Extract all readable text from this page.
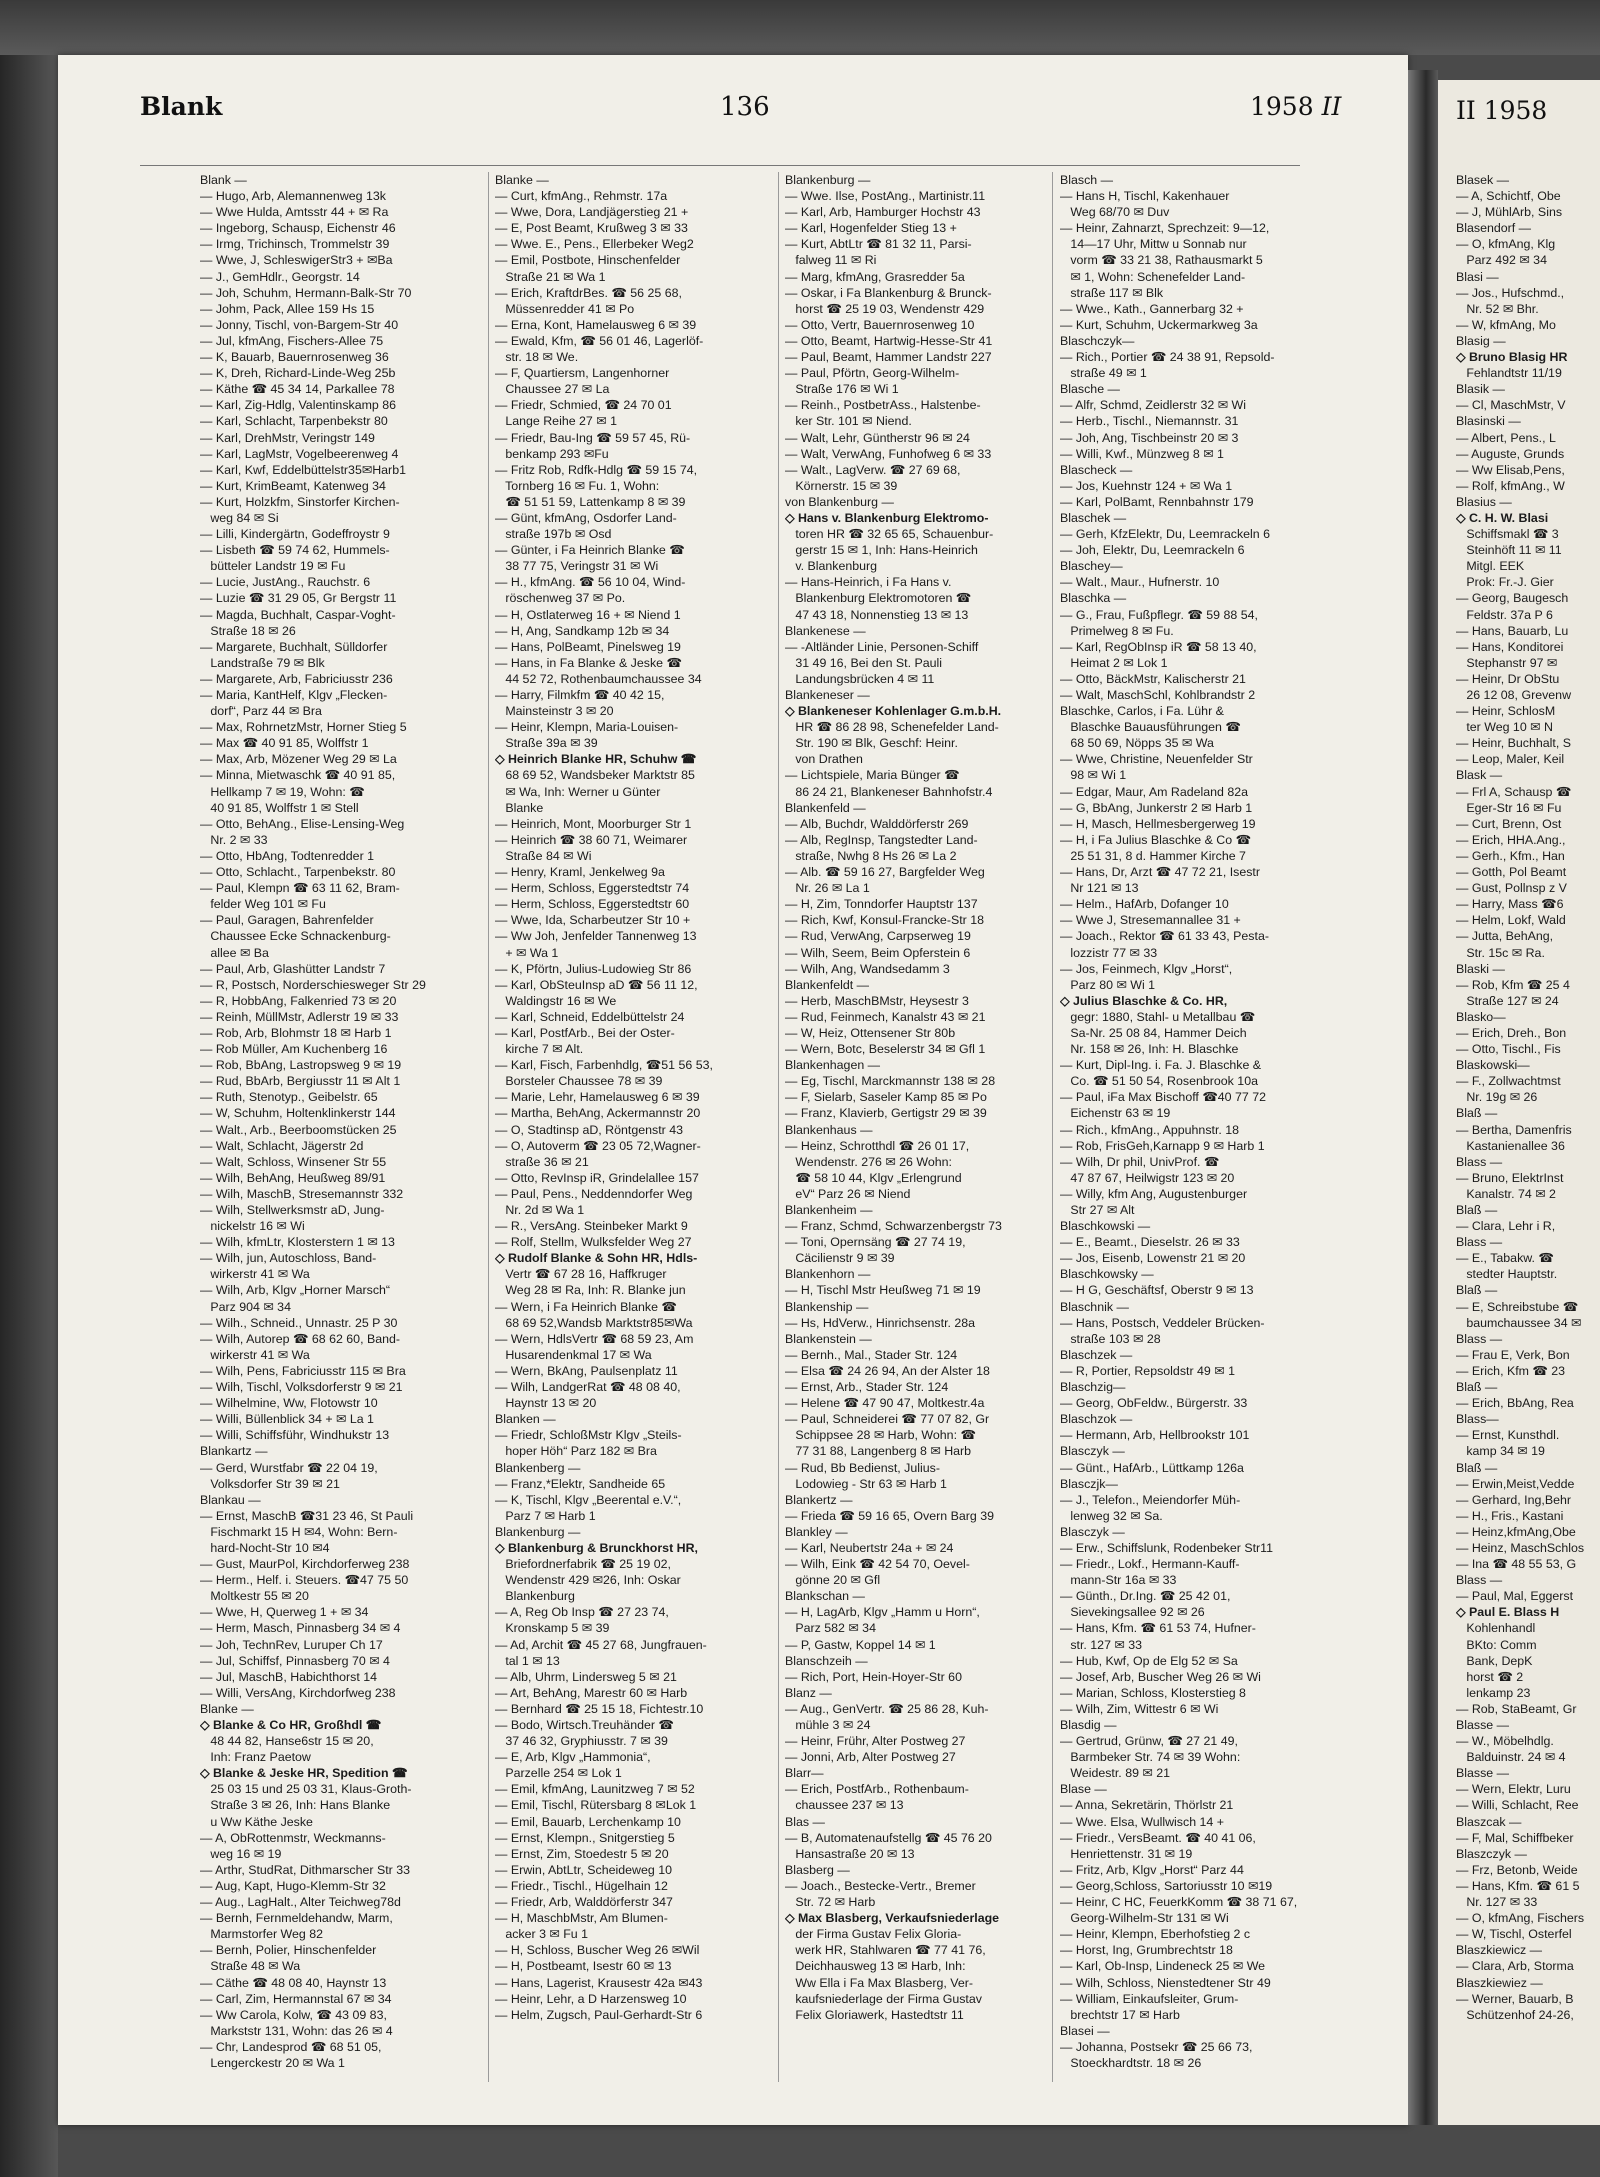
Blank	136	1958 II
Blank —
— Hugo, Arb, Alemannenweg 13k
— Wwe Hulda, Amtsstr 44 + ✉ Ra
— Ingeborg, Schausp, Eichenstr 46
— Irmg, Trichinsch, Trommelstr 39
— Wwe, J, SchleswigerStr3 + ✉Ba
— J., GemHdlr., Georgstr. 14
— Joh, Schuhm, Hermann-Balk-Str 70
— Johm, Pack, Allee 159 Hs 15
— Jonny, Tischl, von-Bargem-Str 40
— Jul, kfmAng, Fischers-Allee 75
— K, Bauarb, Bauernrosenweg 36
— K, Dreh, Richard-Linde-Weg 25b
— Käthe ☎ 45 34 14, Parkallee 78
— Karl, Zig-Hdlg, Valentinskamp 86
— Karl, Schlacht, Tarpenbekstr 80
— Karl, DrehMstr, Veringstr 149
— Karl, LagMstr, Vogelbeerenweg 4
— Karl, Kwf, Eddelbüttelstr35✉Harb1
— Kurt, KrimBeamt, Katenweg 34
— Kurt, Holzkfm, Sinstorfer Kirchen-
weg 84 ✉ Si
— Lilli, Kindergärtn, Godeffroystr 9
— Lisbeth ☎ 59 74 62, Hummels-
bütteler Landstr 19 ✉ Fu
— Lucie, JustAng., Rauchstr. 6
— Luzie ☎ 31 29 05, Gr Bergstr 11
— Magda, Buchhalt, Caspar-Voght-
Straße 18 ✉ 26
— Margarete, Buchhalt, Sülldorfer
Landstraße 79 ✉ Blk
— Margarete, Arb, Fabriciusstr 236
— Maria, KantHelf, Klgv „Flecken-
dorf“, Parz 44 ✉ Bra
— Max, RohrnetzMstr, Horner Stieg 5
— Max ☎ 40 91 85, Wolffstr 1
— Max, Arb, Mözener Weg 29 ✉ La
— Minna, Mietwaschk ☎ 40 91 85,
Hellkamp 7 ✉ 19, Wohn: ☎
40 91 85, Wolffstr 1 ✉ Stell
— Otto, BehAng., Elise-Lensing-Weg
Nr. 2 ✉ 33
— Otto, HbAng, Todtenredder 1
— Otto, Schlacht., Tarpenbekstr. 80
— Paul, Klempn ☎ 63 11 62, Bram-
felder Weg 101 ✉ Fu
— Paul, Garagen, Bahrenfelder
Chaussee Ecke Schnackenburg-
allee ✉ Ba
— Paul, Arb, Glashütter Landstr 7
— R, Postsch, Norderschiesweger Str 29
— R, HobbAng, Falkenried 73 ✉ 20
— Reinh, MüllMstr, Adlerstr 19 ✉ 33
— Rob, Arb, Blohmstr 18 ✉ Harb 1
— Rob Müller, Am Kuchenberg 16
— Rob, BbAng, Lastropsweg 9 ✉ 19
— Rud, BbArb, Bergiusstr 11 ✉ Alt 1
— Ruth, Stenotyp., Geibelstr. 65
— W, Schuhm, Holtenklinkerstr 144
— Walt., Arb., Beerboomstücken 25
— Walt, Schlacht, Jägerstr 2d
— Walt, Schloss, Winsener Str 55
— Wilh, BehAng, Heußweg 89/91
— Wilh, MaschB, Stresemannstr 332
— Wilh, Stellwerksmstr aD, Jung-
nickelstr 16 ✉ Wi
— Wilh, kfmLtr, Klosterstern 1 ✉ 13
— Wilh, jun, Autoschloss, Band-
wirkerstr 41 ✉ Wa
— Wilh, Arb, Klgv „Horner Marsch“
Parz 904 ✉ 34
— Wilh., Schneid., Unnastr. 25 P 30
— Wilh, Autorep ☎ 68 62 60, Band-
wirkerstr 41 ✉ Wa
— Wilh, Pens, Fabriciusstr 115 ✉ Bra
— Wilh, Tischl, Volksdorferstr 9 ✉ 21
— Wilhelmine, Ww, Flotowstr 10
— Willi, Büllenblick 34 + ✉ La 1
— Willi, Schiffsführ, Windhukstr 13
Blankartz —
— Gerd, Wurstfabr ☎ 22 04 19,
Volksdorfer Str 39 ✉ 21
Blankau —
— Ernst, MaschB ☎31 23 46, St Pauli
Fischmarkt 15 H ✉4, Wohn: Bern-
hard-Nocht-Str 10 ✉4
— Gust, MaurPol, Kirchdorferweg 238
— Herm., Helf. i. Steuers. ☎47 75 50
Moltkestr 55 ✉ 20
— Wwe, H, Querweg 1 + ✉ 34
— Herm, Masch, Pinnasberg 34 ✉ 4
— Joh, TechnRev, Luruper Ch 17
— Jul, Schiffsf, Pinnasberg 70 ✉ 4
— Jul, MaschB, Habichthorst 14
— Willi, VersAng, Kirchdorfweg 238
Blanke —
◇ Blanke & Co HR, Großhdl ☎
48 44 82, Hanse6str 15 ✉ 20,
Inh: Franz Paetow
◇ Blanke & Jeske HR, Spedition ☎
25 03 15 und 25 03 31, Klaus-Groth-
Straße 3 ✉ 26, Inh: Hans Blanke
u Ww Käthe Jeske
— A, ObRottenmstr, Weckmanns-
weg 16 ✉ 19
— Arthr, StudRat, Dithmarscher Str 33
— Aug, Kapt, Hugo-Klemm-Str 32
— Aug., LagHalt., Alter Teichweg78d
— Bernh, Fernmeldehandw, Marm,
Marmstorfer Weg 82
— Bernh, Polier, Hinschenfelder
Straße 48 ✉ Wa
— Cäthe ☎ 48 08 40, Haynstr 13
— Carl, Zim, Hermannstal 67 ✉ 34
— Ww Carola, Kolw, ☎ 43 09 83,
Markststr 131, Wohn: das 26 ✉ 4
— Chr, Landesprod ☎ 68 51 05,
Lengerckestr 20 ✉ Wa 1
Blanke —
— Curt, kfmAng., Rehmstr. 17a
— Wwe, Dora, Landjägerstieg 21 +
— E, Post Beamt, Krußweg 3 ✉ 33
— Wwe. E., Pens., Ellerbeker Weg2
— Emil, Postbote, Hinschenfelder
Straße 21 ✉ Wa 1
— Erich, KraftdrBes. ☎ 56 25 68,
Müssenredder 41 ✉ Po
— Erna, Kont, Hamelausweg 6 ✉ 39
— Ewald, Kfm, ☎ 56 01 46, Lagerlöf-
str. 18 ✉ We.
— F, Quartiersm, Langenhorner
Chaussee 27 ✉ La
— Friedr, Schmied, ☎ 24 70 01
Lange Reihe 27 ✉ 1
— Friedr, Bau-Ing ☎ 59 57 45, Rü-
benkamp 293 ✉Fu
— Fritz Rob, Rdfk-Hdlg ☎ 59 15 74,
Tornberg 16 ✉ Fu. 1, Wohn:
☎ 51 51 59, Lattenkamp 8 ✉ 39
— Günt, kfmAng, Osdorfer Land-
straße 197b ✉ Osd
— Günter, i Fa Heinrich Blanke ☎
38 77 75, Veringstr 31 ✉ Wi
— H., kfmAng. ☎ 56 10 04, Wind-
röschenweg 37 ✉ Po.
— H, Ostlaterweg 16 + ✉ Niend 1
— H, Ang, Sandkamp 12b ✉ 34
— Hans, PolBeamt, Pinelsweg 19
— Hans, in Fa Blanke & Jeske ☎
44 52 72, Rothenbaumchaussee 34
— Harry, Filmkfm ☎ 40 42 15,
Mainsteinstr 3 ✉ 20
— Heinr, Klempn, Maria-Louisen-
Straße 39a ✉ 39
◇ Heinrich Blanke HR, Schuhw ☎
68 69 52, Wandsbeker Marktstr 85
✉ Wa, Inh: Werner u Günter
Blanke
— Heinrich, Mont, Moorburger Str 1
— Heinrich ☎ 38 60 71, Weimarer
Straße 84 ✉ Wi
— Henry, Kraml, Jenkelweg 9a
— Herm, Schloss, Eggerstedtstr 74
— Herm, Schloss, Eggerstedtstr 60
— Wwe, Ida, Scharbeutzer Str 10 +
— Ww Joh, Jenfelder Tannenweg 13
+ ✉ Wa 1
— K, Pförtn, Julius-Ludowieg Str 86
— Karl, ObSteuInsp aD ☎ 56 11 12,
Waldingstr 16 ✉ We
— Karl, Schneid, Eddelbüttelstr 24
— Karl, PostfArb., Bei der Oster-
kirche 7 ✉ Alt.
— Karl, Fisch, Farbenhdlg, ☎51 56 53,
Borsteler Chaussee 78 ✉ 39
— Marie, Lehr, Hamelausweg 6 ✉ 39
— Martha, BehAng, Ackermannstr 20
— O, Stadtinsp aD, Röntgenstr 43
— O, Autoverm ☎ 23 05 72,Wagner-
straße 36 ✉ 21
— Otto, RevInsp iR, Grindelallee 157
— Paul, Pens., Neddenndorfer Weg
Nr. 2d ✉ Wa 1
— R., VersAng. Steinbeker Markt 9
— Rolf, Stellm, Wulksfelder Weg 27
◇ Rudolf Blanke & Sohn HR, Hdls-
Vertr ☎ 67 28 16, Haffkruger
Weg 28 ✉ Ra, Inh: R. Blanke jun
— Wern, i Fa Heinrich Blanke ☎
68 69 52,Wandsb Marktstr85✉Wa
— Wern, HdlsVertr ☎ 68 59 23, Am
Husarendenkmal 17 ✉ Wa
— Wern, BkAng, Paulsenplatz 11
— Wilh, LandgerRat ☎ 48 08 40,
Haynstr 13 ✉ 20
Blanken —
— Friedr, SchloßMstr Klgv „Steils-
hoper Höh“ Parz 182 ✉ Bra
Blankenberg —
— Franz,*Elektr, Sandheide 65
— K, Tischl, Klgv „Beerental e.V.“,
Parz 7 ✉ Harb 1
Blankenburg —
◇ Blankenburg & Brunckhorst HR,
Briefordnerfabrik ☎ 25 19 02,
Wendenstr 429 ✉26, Inh: Oskar
Blankenburg
— A, Reg Ob Insp ☎ 27 23 74,
Kronskamp 5 ✉ 39
— Ad, Archit ☎ 45 27 68, Jungfrauen-
tal 1 ✉ 13
— Alb, Uhrm, Lindersweg 5 ✉ 21
— Art, BehAng, Marestr 60 ✉ Harb
— Bernhard ☎ 25 15 18, Fichtestr.10
— Bodo, Wirtsch.Treuhänder ☎
37 46 32, Gryphiusstr. 7 ✉ 39
— E, Arb, Klgv „Hammonia“,
Parzelle 254 ✉ Lok 1
— Emil, kfmAng, Launitzweg 7 ✉ 52
— Emil, Tischl, Rütersbarg 8 ✉Lok 1
— Emil, Bauarb, Lerchenkamp 10
— Ernst, Klempn., Snitgerstieg 5
— Ernst, Zim, Stoedestr 5 ✉ 20
— Erwin, AbtLtr, Scheideweg 10
— Friedr., Tischl., Hügelhain 12
— Friedr, Arb, Walddörferstr 347
— H, MaschbMstr, Am Blumen-
acker 3 ✉ Fu 1
— H, Schloss, Buscher Weg 26 ✉Wil
— H, Postbeamt, Isestr 60 ✉ 13
— Hans, Lagerist, Krausestr 42a ✉43
— Heinr, Lehr, a D Harzensweg 10
— Helm, Zugsch, Paul-Gerhardt-Str 6
Blankenburg —
— Wwe. Ilse, PostAng., Martinistr.11
— Karl, Arb, Hamburger Hochstr 43
— Karl, Hogenfelder Stieg 13 +
— Kurt, AbtLtr ☎ 81 32 11, Parsi-
falweg 11 ✉ Ri
— Marg, kfmAng, Grasredder 5a
— Oskar, i Fa Blankenburg & Brunck-
horst ☎ 25 19 03, Wendenstr 429
— Otto, Vertr, Bauernrosenweg 10
— Otto, Beamt, Hartwig-Hesse-Str 41
— Paul, Beamt, Hammer Landstr 227
— Paul, Pförtn, Georg-Wilhelm-
Straße 176 ✉ Wi 1
— Reinh., PostbetrAss., Halstenbe-
ker Str. 101 ✉ Niend.
— Walt, Lehr, Güntherstr 96 ✉ 24
— Walt, VerwAng, Funhofweg 6 ✉ 33
— Walt., LagVerw. ☎ 27 69 68,
Körnerstr. 15 ✉ 39
von Blankenburg —
◇ Hans v. Blankenburg Elektromo-
toren HR ☎ 32 65 65, Schauenbur-
gerstr 15 ✉ 1, Inh: Hans-Heinrich
v. Blankenburg
— Hans-Heinrich, i Fa Hans v.
Blankenburg Elektromotoren ☎
47 43 18, Nonnenstieg 13 ✉ 13
Blankenese —
— -Altländer Linie, Personen-Schiff
31 49 16, Bei den St. Pauli
Landungsbrücken 4 ✉ 11
Blankeneser —
◇ Blankeneser Kohlenlager G.m.b.H.
HR ☎ 86 28 98, Schenefelder Land-
Str. 190 ✉ Blk, Geschf: Heinr.
von Drathen
— Lichtspiele, Maria Bünger ☎
86 24 21, Blankeneser Bahnhofstr.4
Blankenfeld —
— Alb, Buchdr, Walddörferstr 269
— Alb, RegInsp, Tangstedter Land-
straße, Nwhg 8 Hs 26 ✉ La 2
— Alb. ☎ 59 16 27, Bargfelder Weg
Nr. 26 ✉ La 1
— H, Zim, Tonndorfer Hauptstr 137
— Rich, Kwf, Konsul-Francke-Str 18
— Rud, VerwAng, Carpserweg 19
— Wilh, Seem, Beim Opferstein 6
— Wilh, Ang, Wandsedamm 3
Blankenfeldt —
— Herb, MaschBMstr, Heysestr 3
— Rud, Feinmech, Kanalstr 43 ✉ 21
— W, Heiz, Ottensener Str 80b
— Wern, Botc, Beselerstr 34 ✉ Gfl 1
Blankenhagen —
— Eg, Tischl, Marckmannstr 138 ✉ 28
— F, Sielarb, Saseler Kamp 85 ✉ Po
— Franz, Klavierb, Gertigstr 29 ✉ 39
Blankenhaus —
— Heinz, Schrotthdl ☎ 26 01 17,
Wendenstr. 276 ✉ 26 Wohn:
☎ 58 10 44, Klgv „Erlengrund
eV“ Parz 26 ✉ Niend
Blankenheim —
— Franz, Schmd, Schwarzenbergstr 73
— Toni, Opernsäng ☎ 27 74 19,
Cäcilienstr 9 ✉ 39
Blankenhorn —
— H, Tischl Mstr Heußweg 71 ✉ 19
Blankenship —
— Hs, HdVerw., Hinrichsenstr. 28a
Blankenstein —
— Bernh., Mal., Stader Str. 124
— Elsa ☎ 24 26 94, An der Alster 18
— Ernst, Arb., Stader Str. 124
— Helene ☎ 47 90 47, Moltkestr.4a
— Paul, Schneiderei ☎ 77 07 82, Gr
Schippsee 28 ✉ Harb, Wohn: ☎
77 31 88, Langenberg 8 ✉ Harb
— Rud, Bb Bedienst, Julius-
Lodowieg - Str 63 ✉ Harb 1
Blankertz —
— Frieda ☎ 59 16 65, Overn Barg 39
Blankley —
— Karl, Neubertstr 24a + ✉ 24
— Wilh, Eink ☎ 42 54 70, Oevel-
gönne 20 ✉ Gfl
Blankschan —
— H, LagArb, Klgv „Hamm u Horn“,
Parz 582 ✉ 34
— P, Gastw, Koppel 14 ✉ 1
Blanschzeih —
— Rich, Port, Hein-Hoyer-Str 60
Blanz —
— Aug., GenVertr. ☎ 25 86 28, Kuh-
mühle 3 ✉ 24
— Heinr, Frühr, Alter Postweg 27
— Jonni, Arb, Alter Postweg 27
Blarr—
— Erich, PostfArb., Rothenbaum-
chaussee 237 ✉ 13
Blas —
— B, Automatenaufstellg ☎ 45 76 20
Hansastraße 20 ✉ 13
Blasberg —
— Joach., Bestecke-Vertr., Bremer
Str. 72 ✉ Harb
◇ Max Blasberg, Verkaufsniederlage
der Firma Gustav Felix Gloria-
werk HR, Stahlwaren ☎ 77 41 76,
Deichhausweg 13 ✉ Harb, Inh:
Ww Ella i Fa Max Blasberg, Ver-
kaufsniederlage der Firma Gustav
Felix Gloriawerk, Hastedtstr 11
Blasch —
— Hans H, Tischl, Kakenhauer
Weg 68/70 ✉ Duv
— Heinr, Zahnarzt, Sprechzeit: 9—12,
14—17 Uhr, Mittw u Sonnab nur
vorm ☎ 33 21 38, Rathausmarkt 5
✉ 1, Wohn: Schenefelder Land-
straße 117 ✉ Blk
— Wwe., Kath., Gannerbarg 32 +
— Kurt, Schuhm, Uckermarkweg 3a
Blaschczyk—
— Rich., Portier ☎ 24 38 91, Repsold-
straße 49 ✉ 1
Blasche —
— Alfr, Schmd, Zeidlerstr 32 ✉ Wi
— Herb., Tischl., Niemannstr. 31
— Joh, Ang, Tischbeinstr 20 ✉ 3
— Willi, Kwf., Münzweg 8 ✉ 1
Blascheck —
— Jos, Kuehnstr 124 + ✉ Wa 1
— Karl, PolBamt, Rennbahnstr 179
Blaschek —
— Gerh, KfzElektr, Du, Leemrackeln 6
— Joh, Elektr, Du, Leemrackeln 6
Blaschey—
— Walt., Maur., Hufnerstr. 10
Blaschka —
— G., Frau, Fußpflegr. ☎ 59 88 54,
Primelweg 8 ✉ Fu.
— Karl, RegObInsp iR ☎ 58 13 40,
Heimat 2 ✉ Lok 1
— Otto, BäckMstr, Kalischerstr 21
— Walt, MaschSchl, Kohlbrandstr 2
Blaschke, Carlos, i Fa. Lühr &
Blaschke Bauausführungen ☎
68 50 69, Nöpps 35 ✉ Wa
— Wwe, Christine, Neuenfelder Str
98 ✉ Wi 1
— Edgar, Maur, Am Radeland 82a
— G, BbAng, Junkerstr 2 ✉ Harb 1
— H, Masch, Hellmesbergerweg 19
— H, i Fa Julius Blaschke & Co ☎
25 51 31, 8 d. Hammer Kirche 7
— Hans, Dr, Arzt ☎ 47 72 21, Isestr
Nr 121 ✉ 13
— Helm., HafArb, Dofanger 10
— Wwe J, Stresemannallee 31 +
— Joach., Rektor ☎ 61 33 43, Pesta-
lozzistr 77 ✉ 33
— Jos, Feinmech, Klgv „Horst“,
Parz 80 ✉ Wi 1
◇ Julius Blaschke & Co. HR,
gegr: 1880, Stahl- u Metallbau ☎
Sa-Nr. 25 08 84, Hammer Deich
Nr. 158 ✉ 26, Inh: H. Blaschke
— Kurt, Dipl-Ing. i. Fa. J. Blaschke &
Co. ☎ 51 50 54, Rosenbrook 10a
— Paul, iFa Max Bischoff ☎40 77 72
Eichenstr 63 ✉ 19
— Rich., kfmAng., Appuhnstr. 18
— Rob, FrisGeh,Karnapp 9 ✉ Harb 1
— Wilh, Dr phil, UnivProf. ☎
47 87 67, Heilwigstr 123 ✉ 20
— Willy, kfm Ang, Augustenburger
Str 27 ✉ Alt
Blaschkowski —
— E., Beamt., Dieselstr. 26 ✉ 33
— Jos, Eisenb, Lowenstr 21 ✉ 20
Blaschkowsky —
— H G, Geschäftsf, Oberstr 9 ✉ 13
Blaschnik —
— Hans, Postsch, Veddeler Brücken-
straße 103 ✉ 28
Blaschzek —
— R, Portier, Repsoldstr 49 ✉ 1
Blaschzig—
— Georg, ObFeldw., Bürgerstr. 33
Blaschzok —
— Hermann, Arb, Hellbrookstr 101
Blasczyk —
— Günt., HafArb., Lüttkamp 126a
Blasczjk—
— J., Telefon., Meiendorfer Müh-
lenweg 32 ✉ Sa.
Blasczyk —
— Erw., Schiffslunk, Rodenbeker Str11
— Friedr., Lokf., Hermann-Kauff-
mann-Str 16a ✉ 33
— Günth., Dr.Ing. ☎ 25 42 01,
Sievekingsallee 92 ✉ 26
— Hans, Kfm. ☎ 61 53 74, Hufner-
str. 127 ✉ 33
— Hub, Kwf, Op de Elg 52 ✉ Sa
— Josef, Arb, Buscher Weg 26 ✉ Wi
— Marian, Schloss, Klosterstieg 8
— Wilh, Zim, Wittestr 6 ✉ Wi
Blasdig —
— Gertrud, Grünw, ☎ 27 21 49,
Barmbeker Str. 74 ✉ 39 Wohn:
Weidestr. 89 ✉ 21
Blase —
— Anna, Sekretärin, Thörlstr 21
— Wwe. Elsa, Wullwisch 14 +
— Friedr., VersBeamt. ☎ 40 41 06,
Henriettenstr. 31 ✉ 19
— Fritz, Arb, Klgv „Horst“ Parz 44
— Georg,Schloss, Sartoriusstr 10 ✉19
— Heinr, C HC, FeuerkKomm ☎ 38 71 67,
Georg-Wilhelm-Str 131 ✉ Wi
— Heinr, Klempn, Eberhofstieg 2 c
— Horst, Ing, Grumbrechtstr 18
— Karl, Ob-Insp, Lindeneck 25 ✉ We
— Wilh, Schloss, Nienstedtener Str 49
— William, Einkaufsleiter, Grum-
brechtstr 17 ✉ Harb
Blasei —
— Johanna, Postsekr ☎ 25 66 73,
Stoeckhardtstr. 18 ✉ 26
II 1958
Blasek —
— A, Schichtf, Obe
— J, MühlArb, Sins
Blasendorf —
— O, kfmAng, Klg
Parz 492 ✉ 34
Blasi —
— Jos., Hufschmd.,
Nr. 52 ✉ Bhr.
— W, kfmAng, Mo
Blasig —
◇ Bruno Blasig HR
Fehlandtstr 11/19
Blasik —
— Cl, MaschMstr, V
Blasinski —
— Albert, Pens., L
— Auguste, Grunds
— Ww Elisab,Pens,
— Rolf, kfmAng., W
Blasius —
◇ C. H. W. Blasi
Schiffsmakl ☎ 3
Steinhöft 11 ✉ 11
Mitgl. EEK
Prok: Fr.-J. Gier
— Georg, Baugesch
Feldstr. 37a P 6
— Hans, Bauarb, Lu
— Hans, Konditorei
Stephanstr 97 ✉
— Heinr, Dr ObStu
26 12 08, Grevenw
— Heinr, SchlosM
ter Weg 10 ✉ N
— Heinr, Buchhalt, S
— Leop, Maler, Keil
Blask —
— Frl A, Schausp ☎
Eger-Str 16 ✉ Fu
— Curt, Brenn, Ost
— Erich, HHA.Ang.,
— Gerh., Kfm., Han
— Gotth, Pol Beamt
— Gust, Pollnsp z V
— Harry, Mass ☎6
— Helm, Lokf, Wald
— Jutta, BehAng,
Str. 15c ✉ Ra.
Blaski —
— Rob, Kfm ☎ 25 4
Straße 127 ✉ 24
Blasko—
— Erich, Dreh., Bon
— Otto, Tischl., Fis
Blaskowski—
— F., Zollwachtmst
Nr. 19g ✉ 26
Blaß —
— Bertha, Damenfris
Kastanienallee 36
Blass —
— Bruno, ElektrInst
Kanalstr. 74 ✉ 2
Blaß —
— Clara, Lehr i R,
Blass —
— E., Tabakw. ☎
stedter Hauptstr.
Blaß —
— E, Schreibstube ☎
baumchaussee 34 ✉
Blass —
— Frau E, Verk, Bon
— Erich, Kfm ☎ 23
Blaß —
— Erich, BbAng, Rea
Blass—
— Ernst, Kunsthdl.
kamp 34 ✉ 19
Blaß —
— Erwin,Meist,Vedde
— Gerhard, Ing,Behr
— H., Fris., Kastani
— Heinz,kfmAng,Obe
— Heinz, MaschSchlos
— Ina ☎ 48 55 53, G
Blass —
— Paul, Mal, Eggerst
◇ Paul E. Blass H
Kohlenhandl
BKto: Comm
Bank, DepK
horst ☎ 2
lenkamp 23
— Rob, StaBeamt, Gr
Blasse —
— W., Möbelhdlg.
Balduinstr. 24 ✉ 4
Blasse —
— Wern, Elektr, Luru
— Willi, Schlacht, Ree
Blaszcak —
— F, Mal, Schiffbeker
Blaszczyk —
— Frz, Betonb, Weide
— Hans, Kfm. ☎ 61 5
Nr. 127 ✉ 33
— O, kfmAng, Fischers
— W, Tischl, Osterfel
Blaszkiewicz —
— Clara, Arb, Storma
Blaszkiewiez —
— Werner, Bauarb, B
Schützenhof 24-26,
